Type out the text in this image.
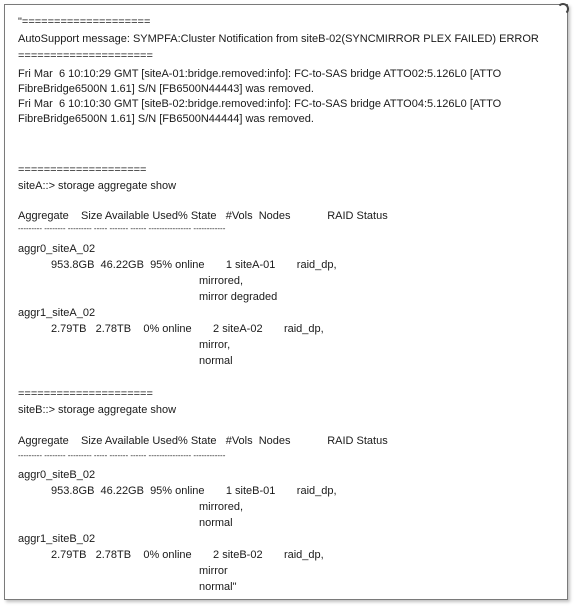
"====================

AutoSupport message: SYMPFA:Cluster Notification from siteB-02(SYNCMIRROR PLEX FAILED) ERROR

=====================

Fri Mar  6 10:10:29 GMT [siteA-01:bridge.removed:info]: FC-to-SAS bridge ATTO02:5.126L0 [ATTO

FibreBridge6500N 1.61] S/N [FB6500N44443] was removed.

Fri Mar  6 10:10:30 GMT [siteB-02:bridge.removed:info]: FC-to-SAS bridge ATTO04:5.126L0 [ATTO

FibreBridge6500N 1.61] S/N [FB6500N44444] was removed.

====================

siteA::> storage aggregate show

Aggregate    Size Available Used% State   #Vols  Nodes            RAID Status

--------- -------- --------- ----- ------- ------ ---------------- ------------

aggr0_siteA_02

953.8GB  46.22GB  95% online       1 siteA-01       raid_dp,

mirrored,

mirror degraded

aggr1_siteA_02

2.79TB   2.78TB    0% online       2 siteA-02       raid_dp,

mirror,

normal

=====================

siteB::> storage aggregate show

Aggregate    Size Available Used% State   #Vols  Nodes            RAID Status

--------- -------- --------- ----- ------- ------ ---------------- ------------

aggr0_siteB_02

953.8GB  46.22GB  95% online       1 siteB-01       raid_dp,

mirrored,

normal

aggr1_siteB_02

2.79TB   2.78TB    0% online       2 siteB-02       raid_dp,

mirror

normal"
